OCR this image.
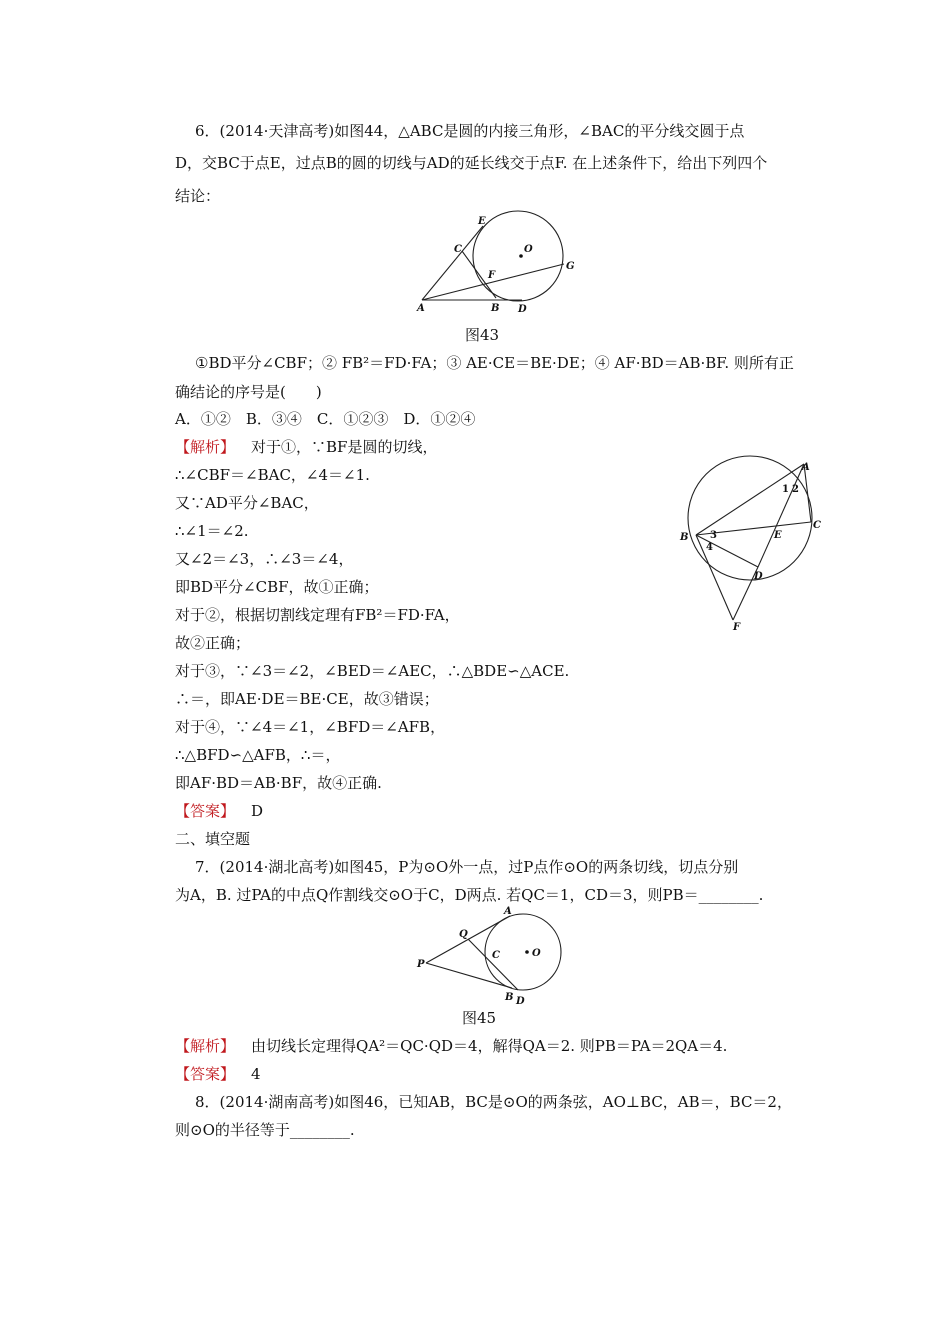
6．(2014·天津高考)如图44，△ABC是圆的内接三角形，∠BAC的平分线交圆于点
D，交BC于点E，过点B的圆的切线与AD的延长线交于点F. 在上述条件下，给出下列四个
结论：
E
C	O
F
G
A	B D
图43
①BD平分∠CBF；② FB²＝FD·FA；③ AE·CE＝BE·DE；④ AF·BD＝AB·BF. 则所有正
确结论的序号是(　　)
A．①②　B．③④　C．①②③　D．①②④
【解析】 对于①，∵BF是圆的切线，
∴∠CBF＝∠BAC，∠4＝∠1.
又∵AD平分∠BAC，
∴∠1＝∠2.
又∠2＝∠3，∴∠3＝∠4，
即BD平分∠CBF，故①正确；
对于②，根据切割线定理有FB²＝FD·FA，
故②正确；
对于③，∵∠3＝∠2，∠BED＝∠AEC，∴△BDE∽△ACE.
∴＝，即AE·DE＝BE·CE，故③错误；
对于④，∵∠4＝∠1，∠BFD＝∠AFB，
∴△BFD∽△AFB，∴＝，
即AF·BD＝AB·BF，故④正确.
A
B
C
D
E
F
1 2
3
4
【答案】 D
二、填空题
7．(2014·湖北高考)如图45，P为⊙O外一点，过P点作⊙O的两条切线，切点分别
为A，B. 过PA的中点Q作割线交⊙O于C，D两点. 若QC＝1，CD＝3，则PB＝________.
A
Q
C	O
P
B D
图45
【解析】 由切线长定理得QA²＝QC·QD＝4，解得QA＝2. 则PB＝PA＝2QA＝4.
【答案】 4
8．(2014·湖南高考)如图46，已知AB，BC是⊙O的两条弦，AO⊥BC，AB＝，BC＝2，
则⊙O的半径等于________.
